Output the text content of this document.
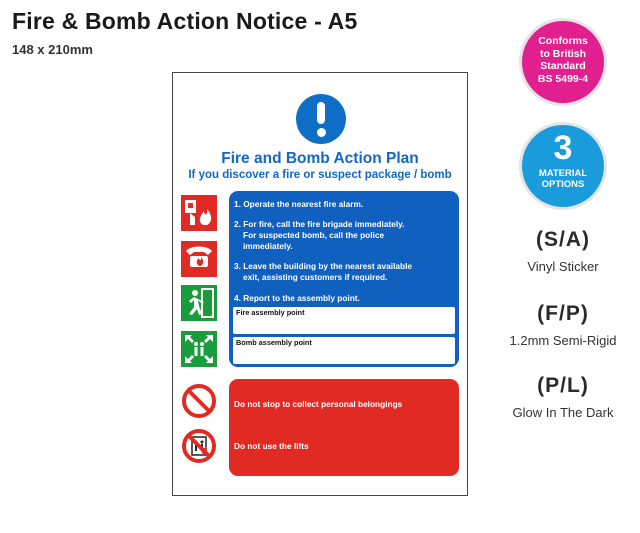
Fire & Bomb Action Notice - A5
148 x 210mm
Fire and Bomb Action Plan
If you discover a fire or suspect package / bomb
1. Operate the nearest fire alarm.
2. For fire, call the fire brigade immediately.
For suspected bomb, call the police
immediately.
3. Leave the building by the nearest available
exit, assisting customers if required.
4. Report to the assembly point.
Fire assembly point
Bomb assembly point
Do not stop to collect personal belongings
Do not use the lifts
Conforms
to British
Standard
BS 5499-4
3
MATERIAL
OPTIONS
(S/A)
Vinyl Sticker
(F/P)
1.2mm Semi-Rigid
(P/L)
Glow In The Dark
